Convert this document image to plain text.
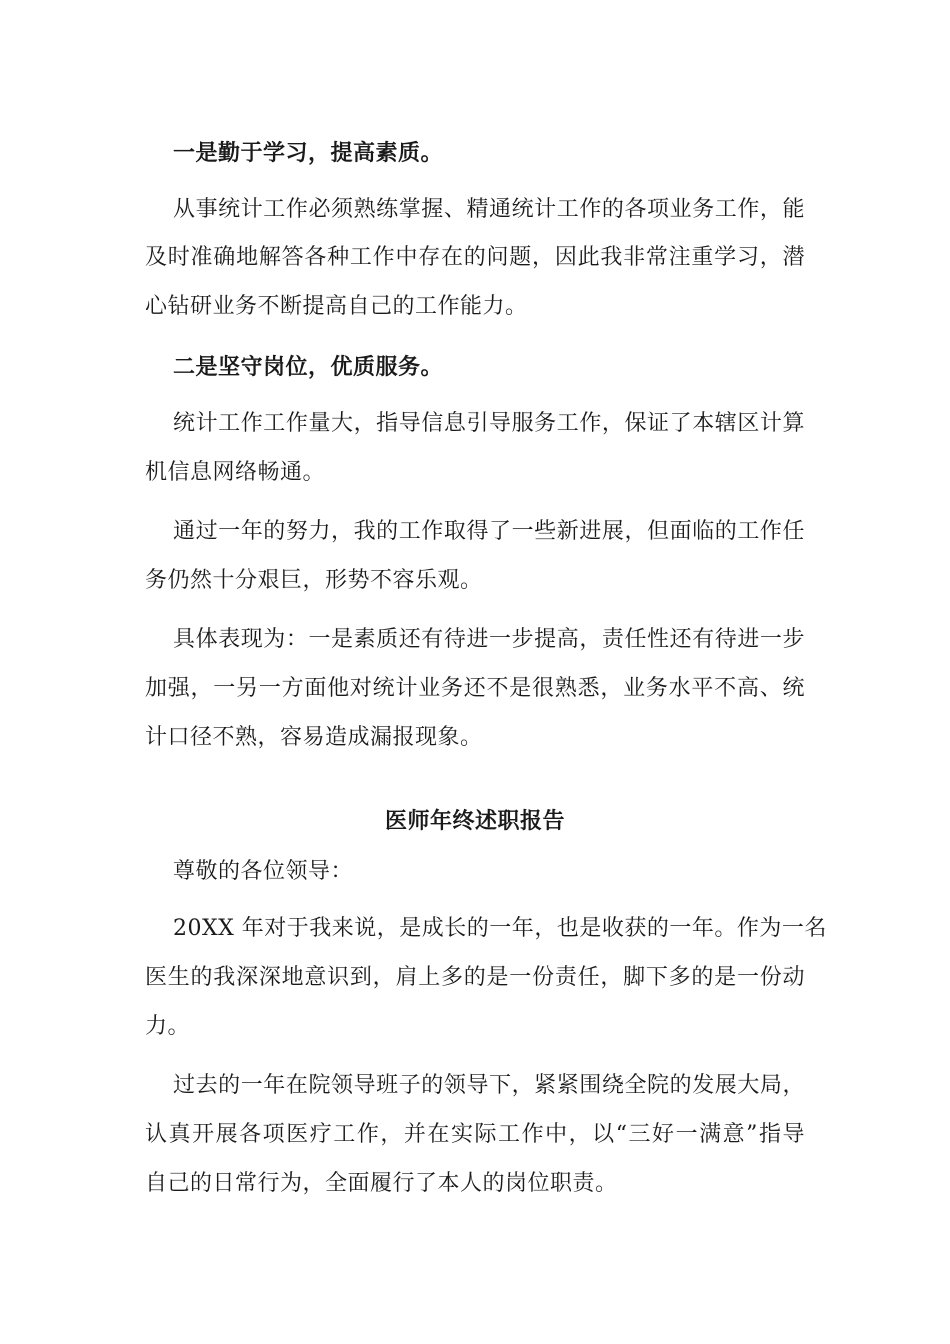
一是勤于学习，提高素质。
从事统计工作必须熟练掌握、精通统计工作的各项业务工作，能
及时准确地解答各种工作中存在的问题，因此我非常注重学习，潜
心钻研业务不断提高自己的工作能力。
二是坚守岗位，优质服务。
统计工作工作量大，指导信息引导服务工作，保证了本辖区计算
机信息网络畅通。
通过一年的努力，我的工作取得了一些新进展，但面临的工作任
务仍然十分艰巨，形势不容乐观。
具体表现为：一是素质还有待进一步提高，责任性还有待进一步
加强，一另一方面他对统计业务还不是很熟悉，业务水平不高、统
计口径不熟，容易造成漏报现象。
医师年终述职报告
尊敬的各位领导：
20XX 年对于我来说，是成长的一年，也是收获的一年。作为一名
医生的我深深地意识到，肩上多的是一份责任，脚下多的是一份动
力。
过去的一年在院领导班子的领导下，紧紧围绕全院的发展大局，
认真开展各项医疗工作，并在实际工作中，以“三好一满意”指导
自己的日常行为，全面履行了本人的岗位职责。
